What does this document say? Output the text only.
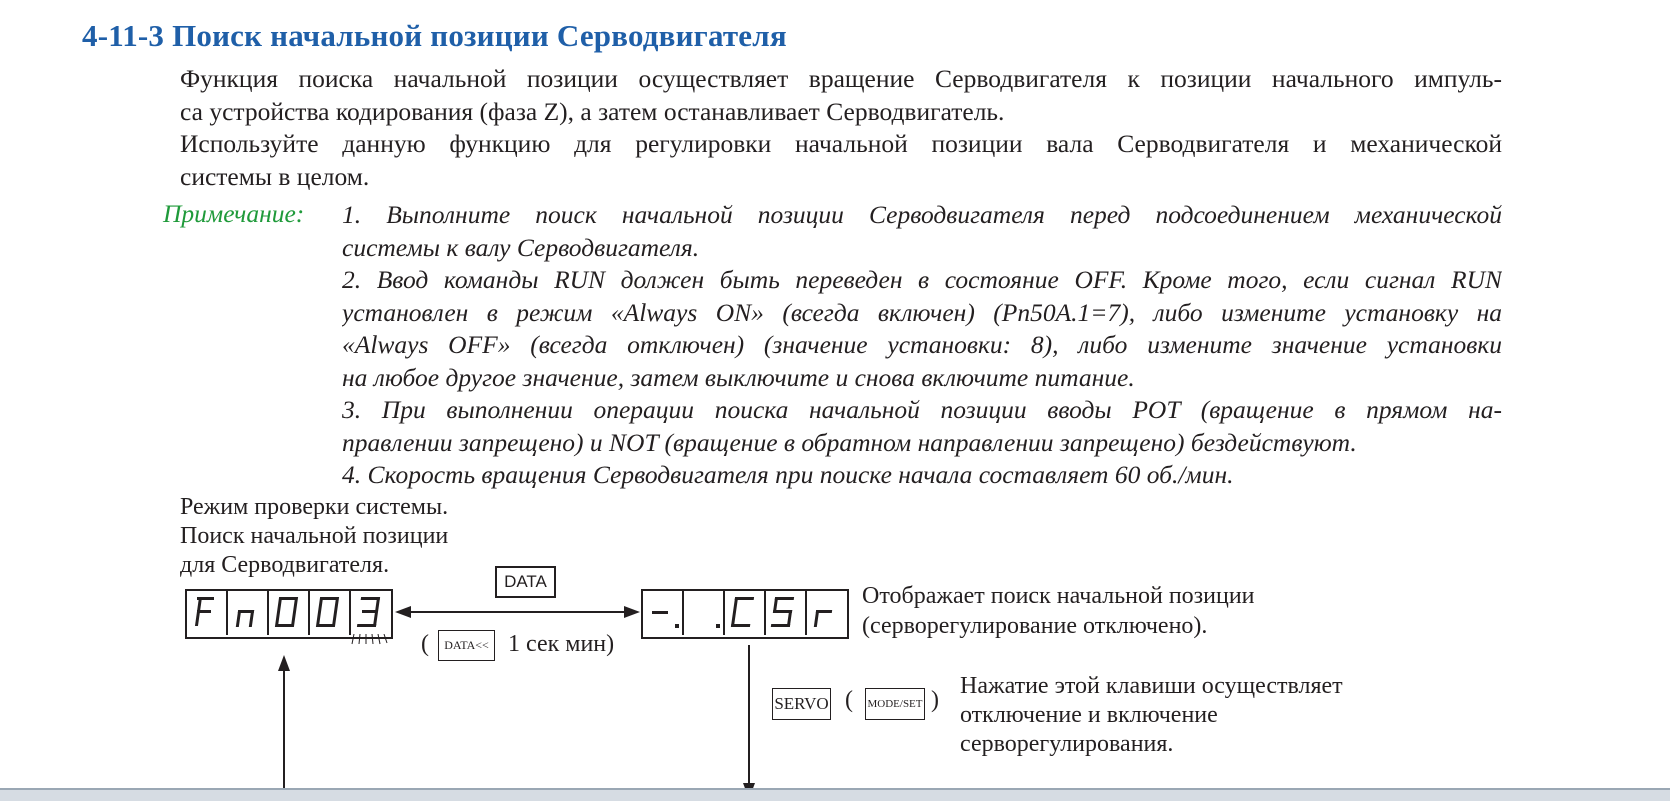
4-11-3 Поиск начальной позиции Серводвигателя
Функция поиска начальной позиции осуществляет вращение Серводвигателя к позиции начального импуль-
са устройства кодирования (фаза Z), а затем останавливает Серводвигатель.
Используйте данную функцию для регулировки начальной позиции вала Серводвигателя и механической
системы в целом.
Примечание: 1. Выполните поиск начальной позиции Серводвигателя перед подсоединением механической
системы к валу Серводвигателя.
2. Ввод команды RUN должен быть переведен в состояние OFF. Кроме того, если сигнал RUN
установлен в режим «Always ON» (всегда включен) (Pn50A.1=7), либо измените установку на
«Always OFF» (всегда отключен) (значение установки: 8), либо измените значение установки
на любое другое значение, затем выключите и снова включите питание.
3. При выполнении операции поиска начальной позиции вводы POT (вращение в прямом на-
правлении запрещено) и NOT (вращение в обратном направлении запрещено) бездействуют.
4. Скорость вращения Серводвигателя при поиске начала составляет 60 об./мин.
Режим проверки системы.
Поиск начальной позиции
для Серводвигателя.
DATA
(	DATA<< 1 сек мин)
Отображает поиск начальной позиции
(серворегулирование отключено).
SERVO ( MODE/SET )
Нажатие этой клавиши осуществляет
отключение и включение
серворегулирования.
